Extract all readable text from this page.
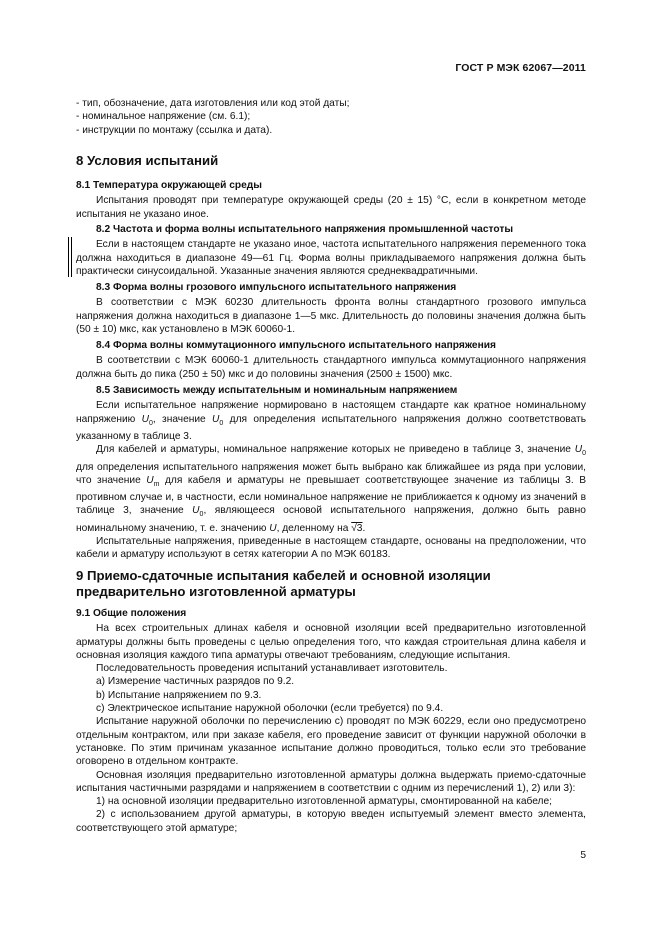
ГОСТ Р МЭК 62067—2011
- тип, обозначение, дата изготовления или код этой даты;
- номинальное напряжение (см. 6.1);
- инструкции по монтажу (ссылка и дата).
8 Условия испытаний
8.1 Температура окружающей среды
Испытания проводят при температуре окружающей среды (20 ± 15) °С, если в конкретном методе испытания не указано иное.
8.2 Частота и форма волны испытательного напряжения промышленной частоты
Если в настоящем стандарте не указано иное, частота испытательного напряжения переменного тока должна находиться в диапазоне 49—61 Гц. Форма волны прикладываемого напряжения должна быть практически синусоидальной. Указанные значения являются среднеквадратичными.
8.3 Форма волны грозового импульсного испытательного напряжения
В соответствии с МЭК 60230 длительность фронта волны стандартного грозового импульса напряжения должна находиться в диапазоне 1—5 мкс. Длительность до половины значения должна быть (50 ± 10) мкс, как установлено в МЭК 60060-1.
8.4 Форма волны коммутационного импульсного испытательного напряжения
В соответствии с МЭК 60060-1 длительность стандартного импульса коммутационного напряжения должна быть до пика (250 ± 50) мкс и до половины значения (2500 ± 1500) мкс.
8.5 Зависимость между испытательным и номинальным напряжением
Если испытательное напряжение нормировано в настоящем стандарте как кратное номинальному напряжению $U_0$, значение $U_0$ для определения испытательного напряжения должно соответствовать указанному в таблице 3.
Для кабелей и арматуры, номинальное напряжение которых не приведено в таблице 3, значение $U_0$ для определения испытательного напряжения может быть выбрано как ближайшее из ряда при условии, что значение $U_m$ для кабеля и арматуры не превышает соответствующее значение из таблицы 3. В противном случае и, в частности, если номинальное напряжение не приближается к одному из значений в таблице 3, значение $U_0$, являющееся основой испытательного напряжения, должно быть равно номинальному значению, т. е. значению U, деленному на √3.
Испытательные напряжения, приведенные в настоящем стандарте, основаны на предположении, что кабели и арматуру используют в сетях категории А по МЭК 60183.
9 Приемо-сдаточные испытания кабелей и основной изоляции
предварительно изготовленной арматуры
9.1 Общие положения
На всех строительных длинах кабеля и основной изоляции всей предварительно изготовленной арматуры должны быть проведены с целью определения того, что каждая строительная длина кабеля и основная изоляция каждого типа арматуры отвечают требованиям, следующие испытания.
Последовательность проведения испытаний устанавливает изготовитель.
a) Измерение частичных разрядов по 9.2.
b) Испытание напряжением по 9.3.
c) Электрическое испытание наружной оболочки (если требуется) по 9.4.
Испытание наружной оболочки по перечислению с) проводят по МЭК 60229, если оно предусмотрено отдельным контрактом, или при заказе кабеля, его проведение зависит от функции наружной оболочки в установке. По этим причинам указанное испытание должно проводиться, только если это требование оговорено в отдельном контракте.
Основная изоляция предварительно изготовленной арматуры должна выдержать приемо-сдаточные испытания частичными разрядами и напряжением в соответствии с одним из перечислений 1), 2) или 3):
1) на основной изоляции предварительно изготовленной арматуры, смонтированной на кабеле;
2) с использованием другой арматуры, в которую введен испытуемый элемент вместо элемента, соответствующего этой арматуре;
5
